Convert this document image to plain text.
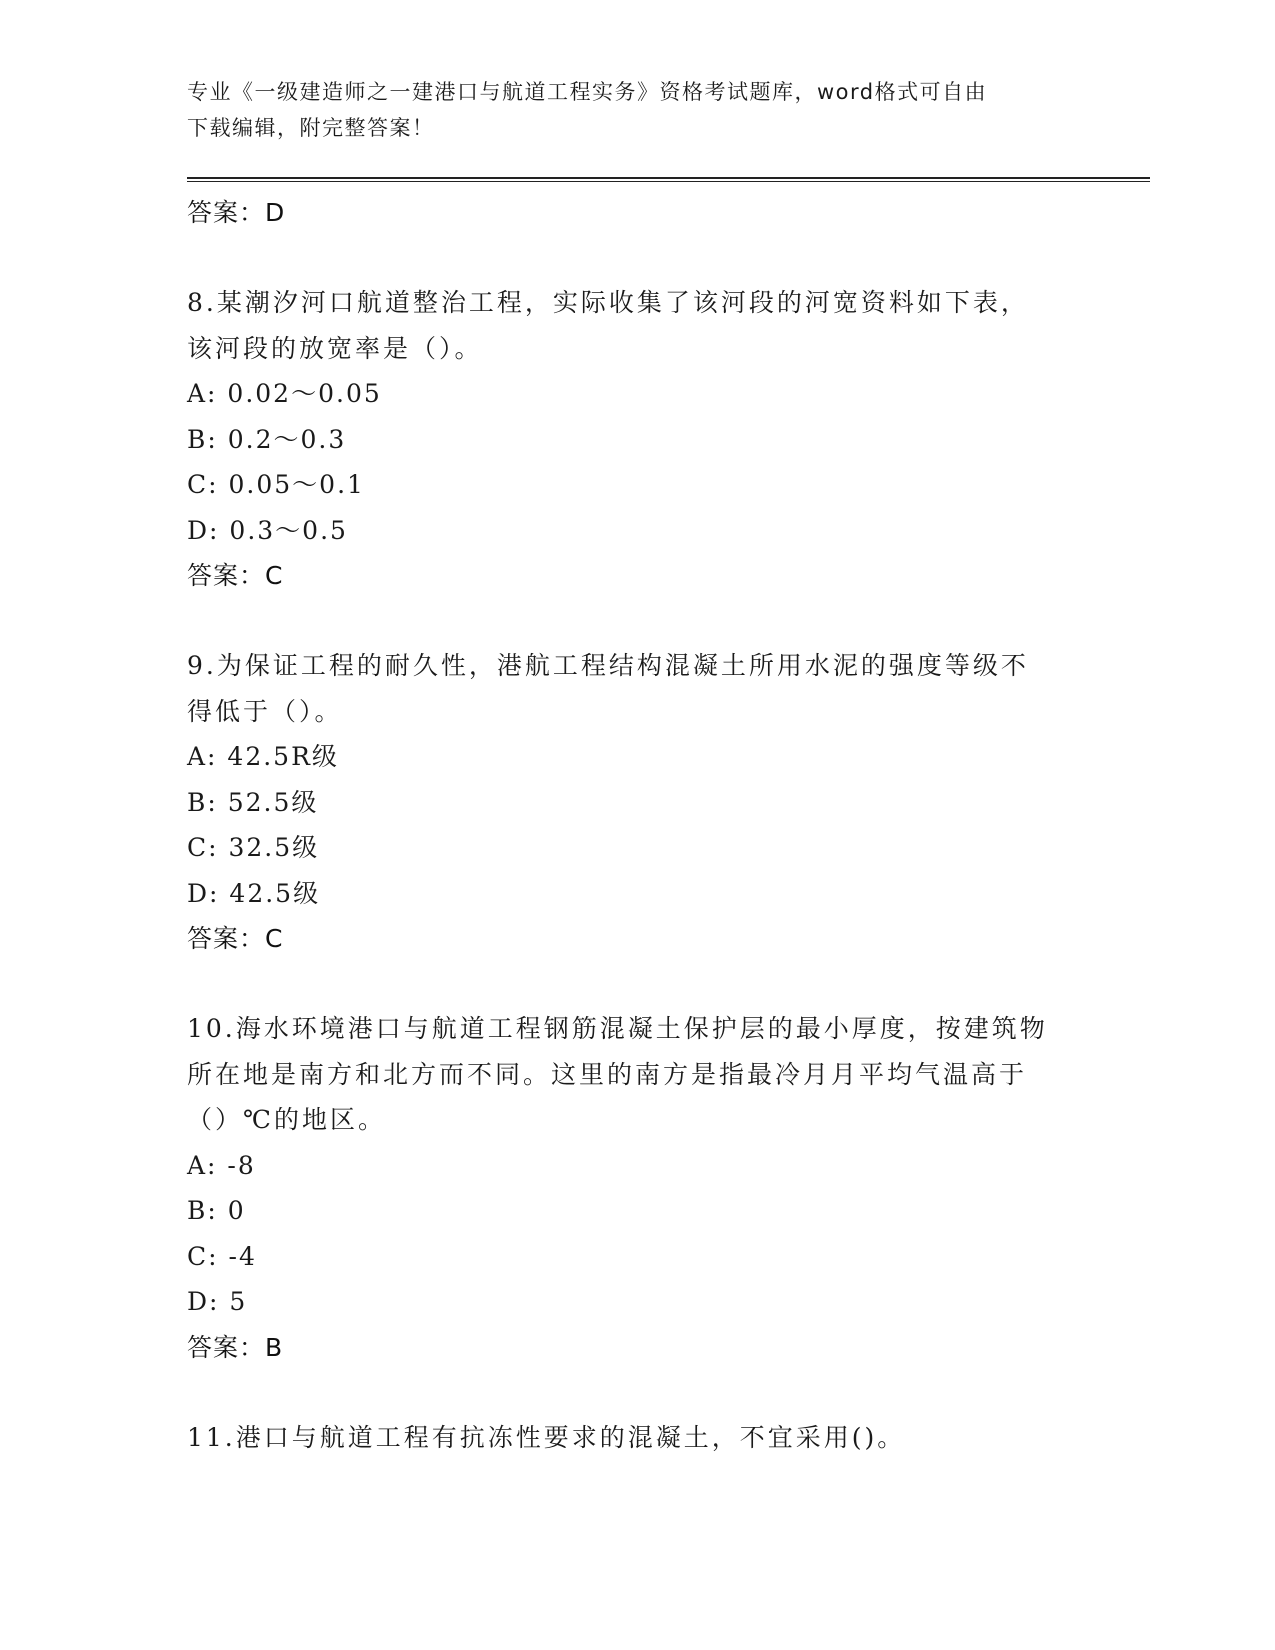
专业《一级建造师之一建港口与航道工程实务》资格考试题库，word格式可自由
下载编辑，附完整答案！
答案：D
8.某潮汐河口航道整治工程，实际收集了该河段的河宽资料如下表，
该河段的放宽率是（）。
A: 0.02～0.05
B: 0.2～0.3
C: 0.05～0.1
D: 0.3～0.5
答案：C
9.为保证工程的耐久性，港航工程结构混凝土所用水泥的强度等级不
得低于（）。
A: 42.5R级
B: 52.5级
C: 32.5级
D: 42.5级
答案：C
10.海水环境港口与航道工程钢筋混凝土保护层的最小厚度，按建筑物
所在地是南方和北方而不同。这里的南方是指最冷月月平均气温高于
（）℃的地区。
A: -8
B: 0
C: -4
D: 5
答案：B
11.港口与航道工程有抗冻性要求的混凝土，不宜采用()。
